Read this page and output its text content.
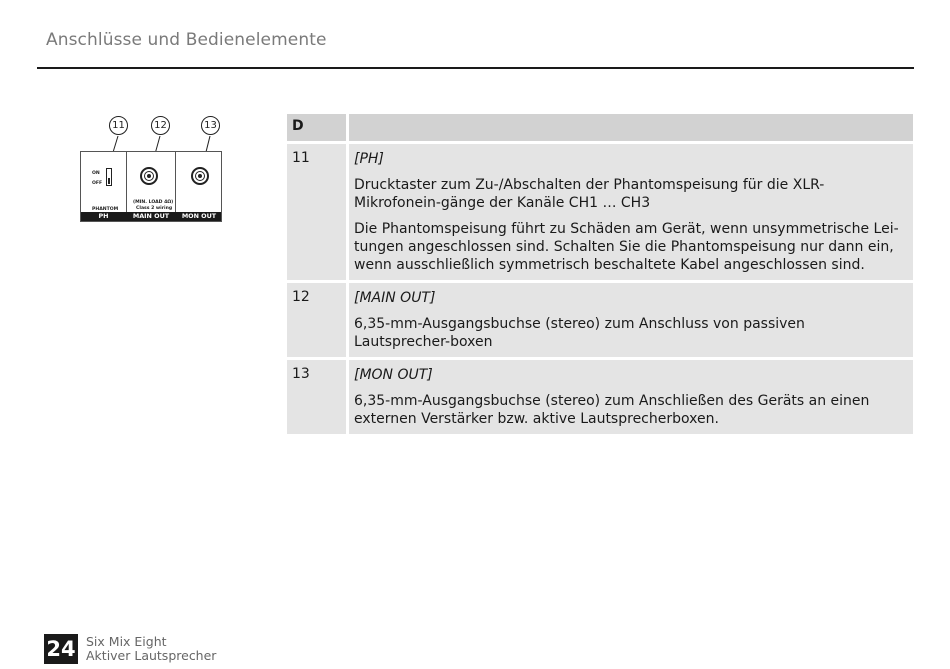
Anschlüsse und Bedienelemente
11	12	13
ON
OFF
PHANTOM
(MIN. LOAD 4Ω)
Class 2 wiring
PH	MAIN OUT	MON OUT
D
11	[PH]

Drucktaster zum Zu-/Abschalten der Phantomspeisung für die XLR-Mikrofonein-gänge der Kanäle CH1 … CH3

Die Phantomspeisung führt zu Schäden am Gerät, wenn unsymmetrische Lei-tungen angeschlossen sind. Schalten Sie die Phantomspeisung nur dann ein, wenn ausschließlich symmetrisch beschaltete Kabel angeschlossen sind.

12	[MAIN OUT]

6,35-mm-Ausgangsbuchse (stereo) zum Anschluss von passiven Lautsprecher-boxen

13	[MON OUT]

6,35-mm-Ausgangsbuchse (stereo) zum Anschließen des Geräts an einen externen Verstärker bzw. aktive Lautsprecherboxen.

24 Six Mix Eight
Aktiver Lautsprecher
